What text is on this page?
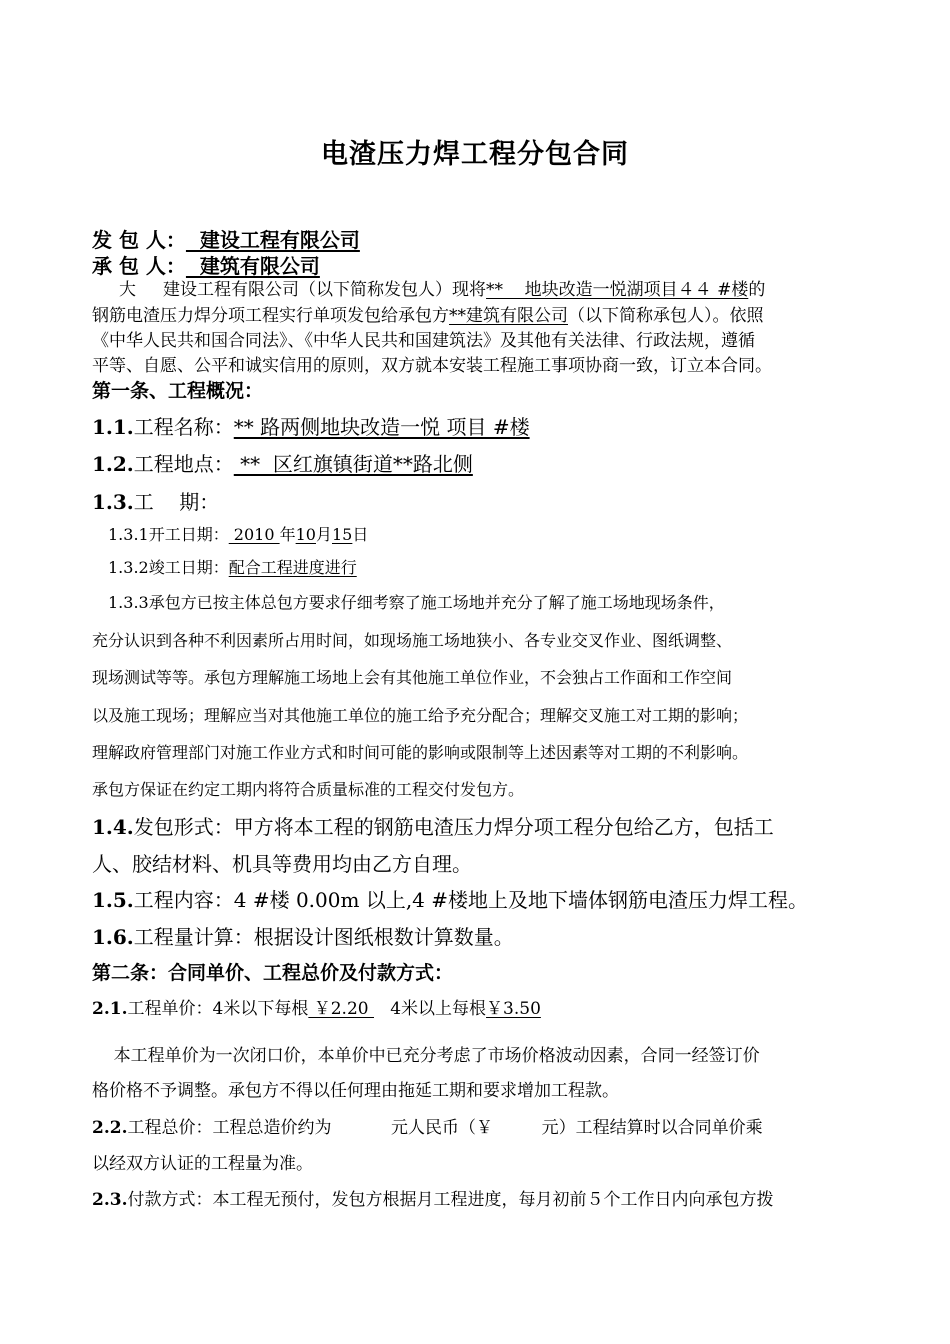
电渣压力焊工程分包合同
发 包 人：  建设工程有限公司
承 包 人：  建筑有限公司
大     建设工程有限公司（以下简称发包人）现将**    地块改造一悦湖项目４４ #楼的
钢筋电渣压力焊分项工程实行单项发包给承包方**建筑有限公司（以下简称承包人）。依照
《中华人民共和国合同法》、《中华人民共和国建筑法》及其他有关法律、行政法规，遵循
平等、自愿、公平和诚实信用的原则，双方就本安装工程施工事项协商一致，订立本合同。
第一条、工程概况：
1.1.工程名称：** 路两侧地块改造一悦 项目 #楼
1.2.工程地点： **  区红旗镇街道**路北侧
1.3.工    期：
1.3.1开工日期： 2010 年10月15日
1.3.2竣工日期：配合工程进度进行
1.3.3承包方已按主体总包方要求仔细考察了施工场地并充分了解了施工场地现场条件，
充分认识到各种不利因素所占用时间，如现场施工场地狭小、各专业交叉作业、图纸调整、
现场测试等等。承包方理解施工场地上会有其他施工单位作业，不会独占工作面和工作空间
以及施工现场；理解应当对其他施工单位的施工给予充分配合；理解交叉施工对工期的影响；
理解政府管理部门对施工作业方式和时间可能的影响或限制等上述因素等对工期的不利影响。
承包方保证在约定工期内将符合质量标准的工程交付发包方。
1.4.发包形式：甲方将本工程的钢筋电渣压力焊分项工程分包给乙方，包括工
人、胶结材料、机具等费用均由乙方自理。
1.5.工程内容：4 #楼 0.00m 以上,4 #楼地上及地下墙体钢筋电渣压力焊工程。
1.6.工程量计算：根据设计图纸根数计算数量。
第二条：合同单价、工程总价及付款方式：
2.1.工程单价：4米以下每根 ￥2.20    4米以上每根￥3.50
本工程单价为一次闭口价，本单价中已充分考虑了市场价格波动因素，合同一经签订价
格价格不予调整。承包方不得以任何理由拖延工期和要求增加工程款。
2.2.工程总价：工程总造价约为           元人民币（￥         元）工程结算时以合同单价乘
以经双方认证的工程量为准。
2.3.付款方式：本工程无预付，发包方根据月工程进度，每月初前５个工作日内向承包方拨
